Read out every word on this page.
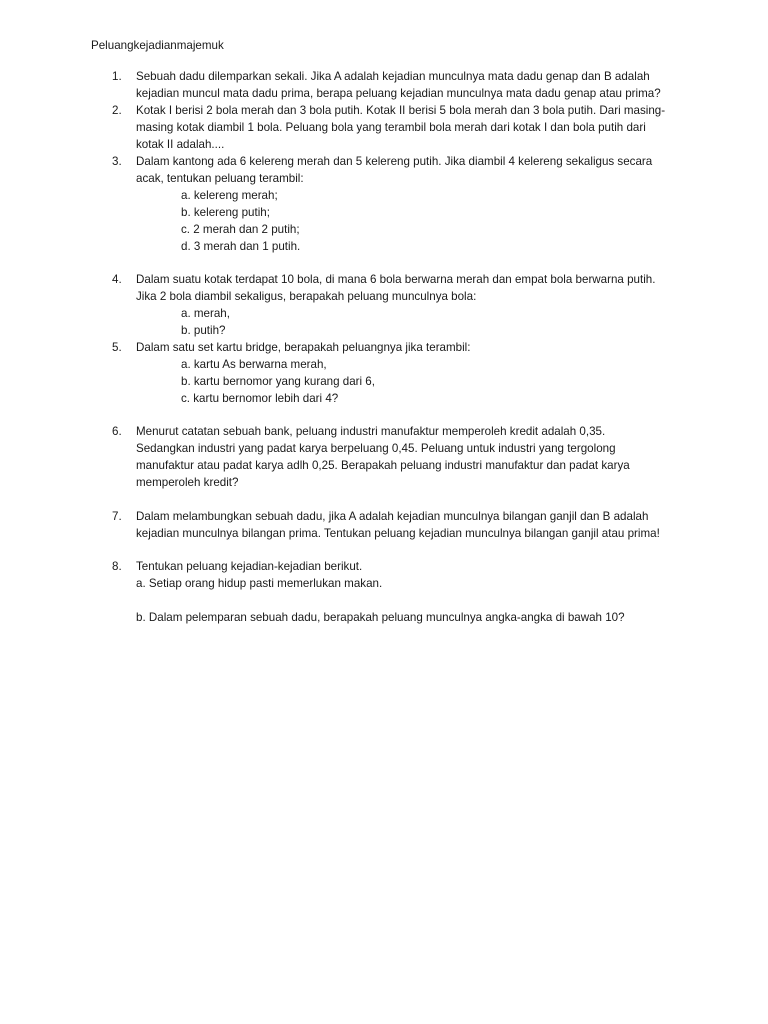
Peluangkejadianmajemuk
1.	Sebuah dadu dilemparkan sekali. Jika A adalah kejadian munculnya mata dadu genap dan B adalah
kejadian muncul mata dadu prima, berapa peluang kejadian munculnya mata dadu genap atau prima?
2.	Kotak I berisi 2 bola merah dan 3 bola putih. Kotak II berisi 5 bola merah dan 3 bola putih. Dari masing-
masing kotak diambil 1 bola. Peluang bola yang terambil bola merah dari kotak I dan bola putih dari
kotak II adalah....
3.	Dalam kantong ada 6 kelereng merah dan 5 kelereng putih. Jika diambil 4 kelereng sekaligus secara
acak, tentukan peluang terambil:
a. kelereng merah;
b. kelereng putih;
c. 2 merah dan 2 putih;
d. 3 merah dan 1 putih.
4.	Dalam suatu kotak terdapat 10 bola, di mana 6 bola berwarna merah dan empat bola berwarna putih.
Jika 2 bola diambil sekaligus, berapakah peluang munculnya bola:
a. merah,
b. putih?
5.	Dalam satu set kartu bridge, berapakah peluangnya jika terambil:
a. kartu As berwarna merah,
b. kartu bernomor yang kurang dari 6,
c. kartu bernomor lebih dari 4?
6.	Menurut catatan sebuah bank, peluang industri manufaktur memperoleh kredit adalah 0,35.
Sedangkan industri yang padat karya berpeluang 0,45. Peluang untuk industri yang tergolong
manufaktur atau padat karya adlh 0,25. Berapakah peluang industri manufaktur dan padat karya
memperoleh kredit?
7.	Dalam melambungkan sebuah dadu, jika A adalah kejadian munculnya bilangan ganjil dan B adalah
kejadian munculnya bilangan prima. Tentukan peluang kejadian munculnya bilangan ganjil atau prima!
8.	Tentukan peluang kejadian-kejadian berikut.
a. Setiap orang hidup pasti memerlukan makan.
b. Dalam pelemparan sebuah dadu, berapakah peluang munculnya angka-angka di bawah 10?
